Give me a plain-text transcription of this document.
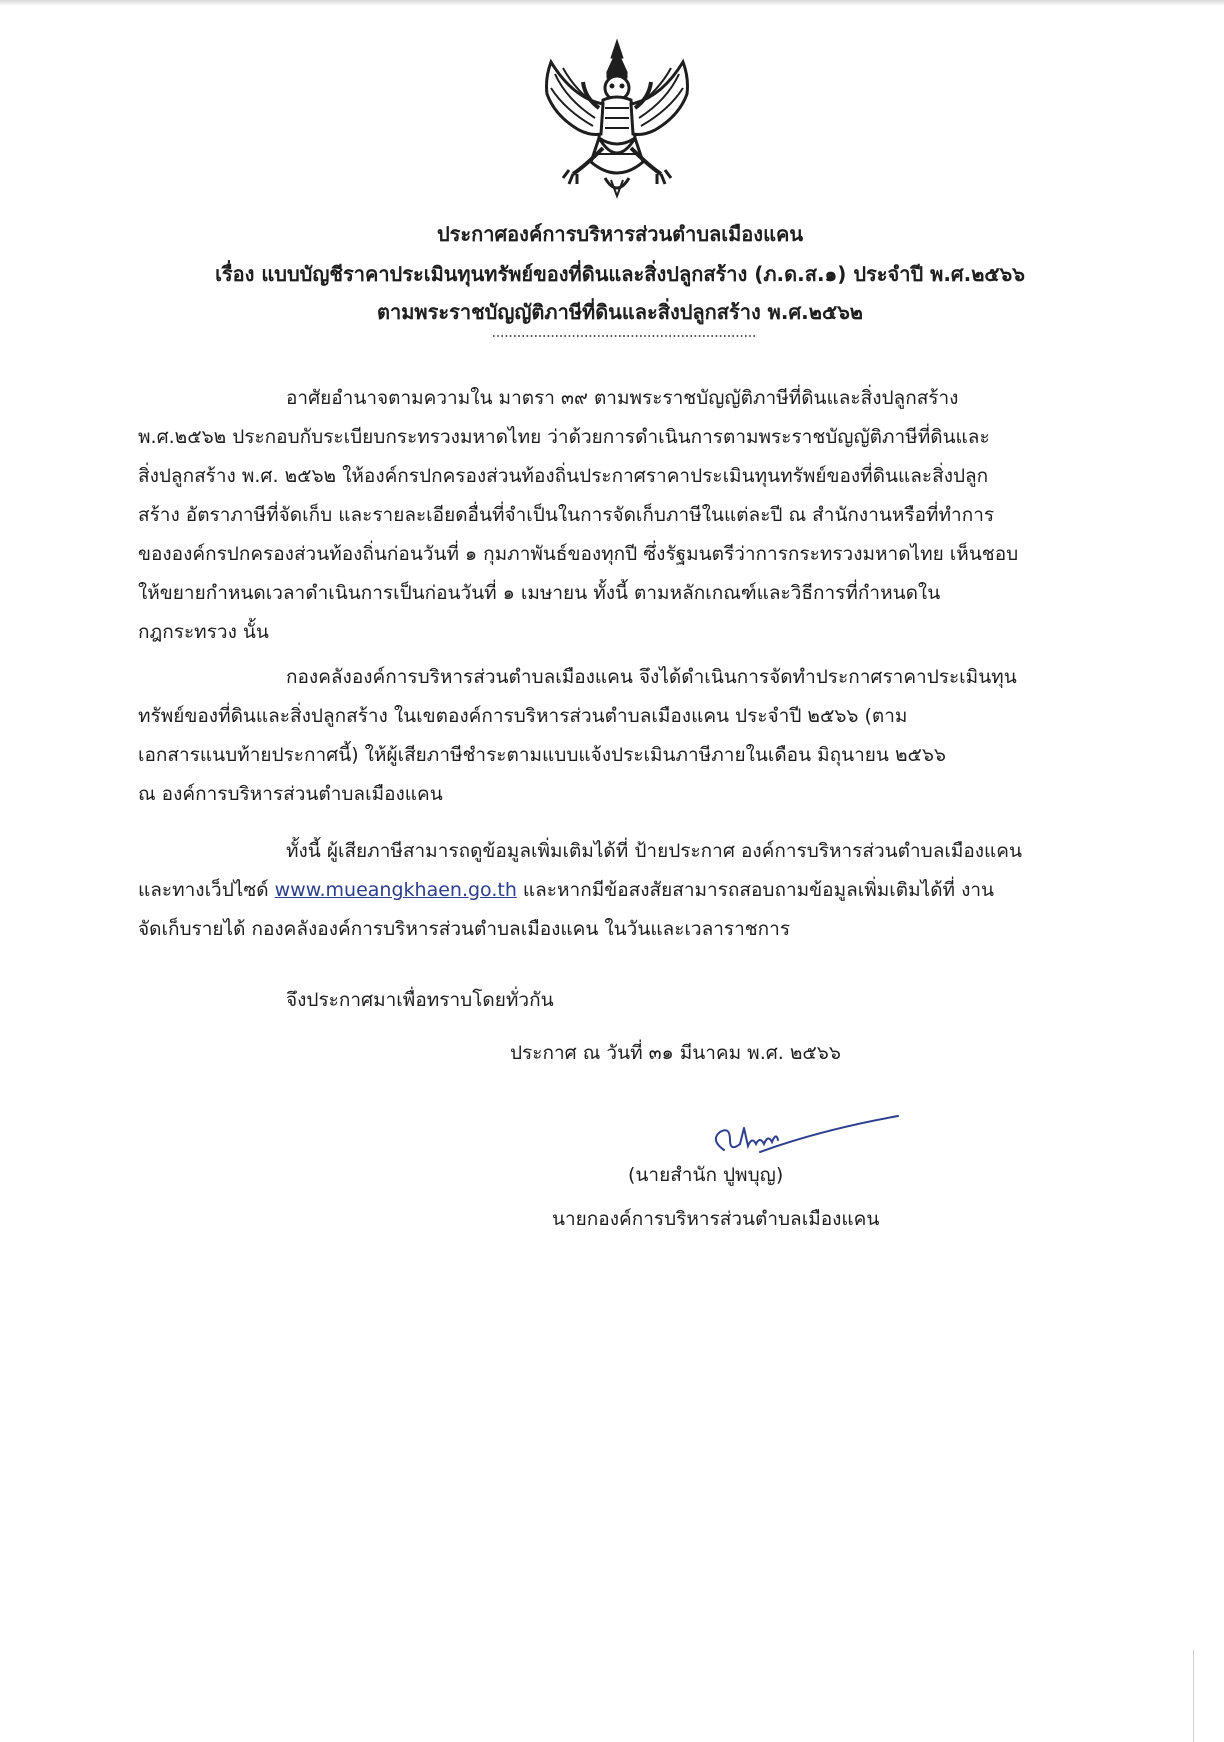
ประกาศองค์การบริหารส่วนตำบลเมืองแคน
เรื่อง แบบบัญชีราคาประเมินทุนทรัพย์ของที่ดินและสิ่งปลูกสร้าง (ภ.ด.ส.๑) ประจำปี พ.ศ.๒๕๖๖
ตามพระราชบัญญัติภาษีที่ดินและสิ่งปลูกสร้าง พ.ศ.๒๕๖๒
อาศัยอำนาจตามความใน มาตรา ๓๙ ตามพระราชบัญญัติภาษีที่ดินและสิ่งปลูกสร้าง
พ.ศ.๒๕๖๒ ประกอบกับระเบียบกระทรวงมหาดไทย ว่าด้วยการดำเนินการตามพระราชบัญญัติภาษีที่ดินและ
สิ่งปลูกสร้าง พ.ศ. ๒๕๖๒ ให้องค์กรปกครองส่วนท้องถิ่นประกาศราคาประเมินทุนทรัพย์ของที่ดินและสิ่งปลูก
สร้าง อัตราภาษีที่จัดเก็บ และรายละเอียดอื่นที่จำเป็นในการจัดเก็บภาษีในแต่ละปี ณ สำนักงานหรือที่ทำการ
ขององค์กรปกครองส่วนท้องถิ่นก่อนวันที่ ๑ กุมภาพันธ์ของทุกปี ซึ่งรัฐมนตรีว่าการกระทรวงมหาดไทย เห็นชอบ
ให้ขยายกำหนดเวลาดำเนินการเป็นก่อนวันที่ ๑ เมษายน ทั้งนี้ ตามหลักเกณฑ์และวิธีการที่กำหนดใน
กฎกระทรวง นั้น
กองคลังองค์การบริหารส่วนตำบลเมืองแคน จึงได้ดำเนินการจัดทำประกาศราคาประเมินทุน
ทรัพย์ของที่ดินและสิ่งปลูกสร้าง ในเขตองค์การบริหารส่วนตำบลเมืองแคน ประจำปี ๒๕๖๖ (ตาม
เอกสารแนบท้ายประกาศนี้) ให้ผู้เสียภาษีชำระตามแบบแจ้งประเมินภาษีภายในเดือน มิถุนายน ๒๕๖๖
ณ องค์การบริหารส่วนตำบลเมืองแคน
ทั้งนี้ ผู้เสียภาษีสามารถดูข้อมูลเพิ่มเติมได้ที่ ป้ายประกาศ องค์การบริหารส่วนตำบลเมืองแคน
และทางเว็ปไซด์ www.mueangkhaen.go.th และหากมีข้อสงสัยสามารถสอบถามข้อมูลเพิ่มเติมได้ที่ งาน
จัดเก็บรายได้ กองคลังองค์การบริหารส่วนตำบลเมืองแคน ในวันและเวลาราชการ
จึงประกาศมาเพื่อทราบโดยทั่วกัน
ประกาศ ณ วันที่ ๓๑ มีนาคม พ.ศ. ๒๕๖๖
(นายสำนัก ปูพบุญ)
นายกองค์การบริหารส่วนตำบลเมืองแคน
